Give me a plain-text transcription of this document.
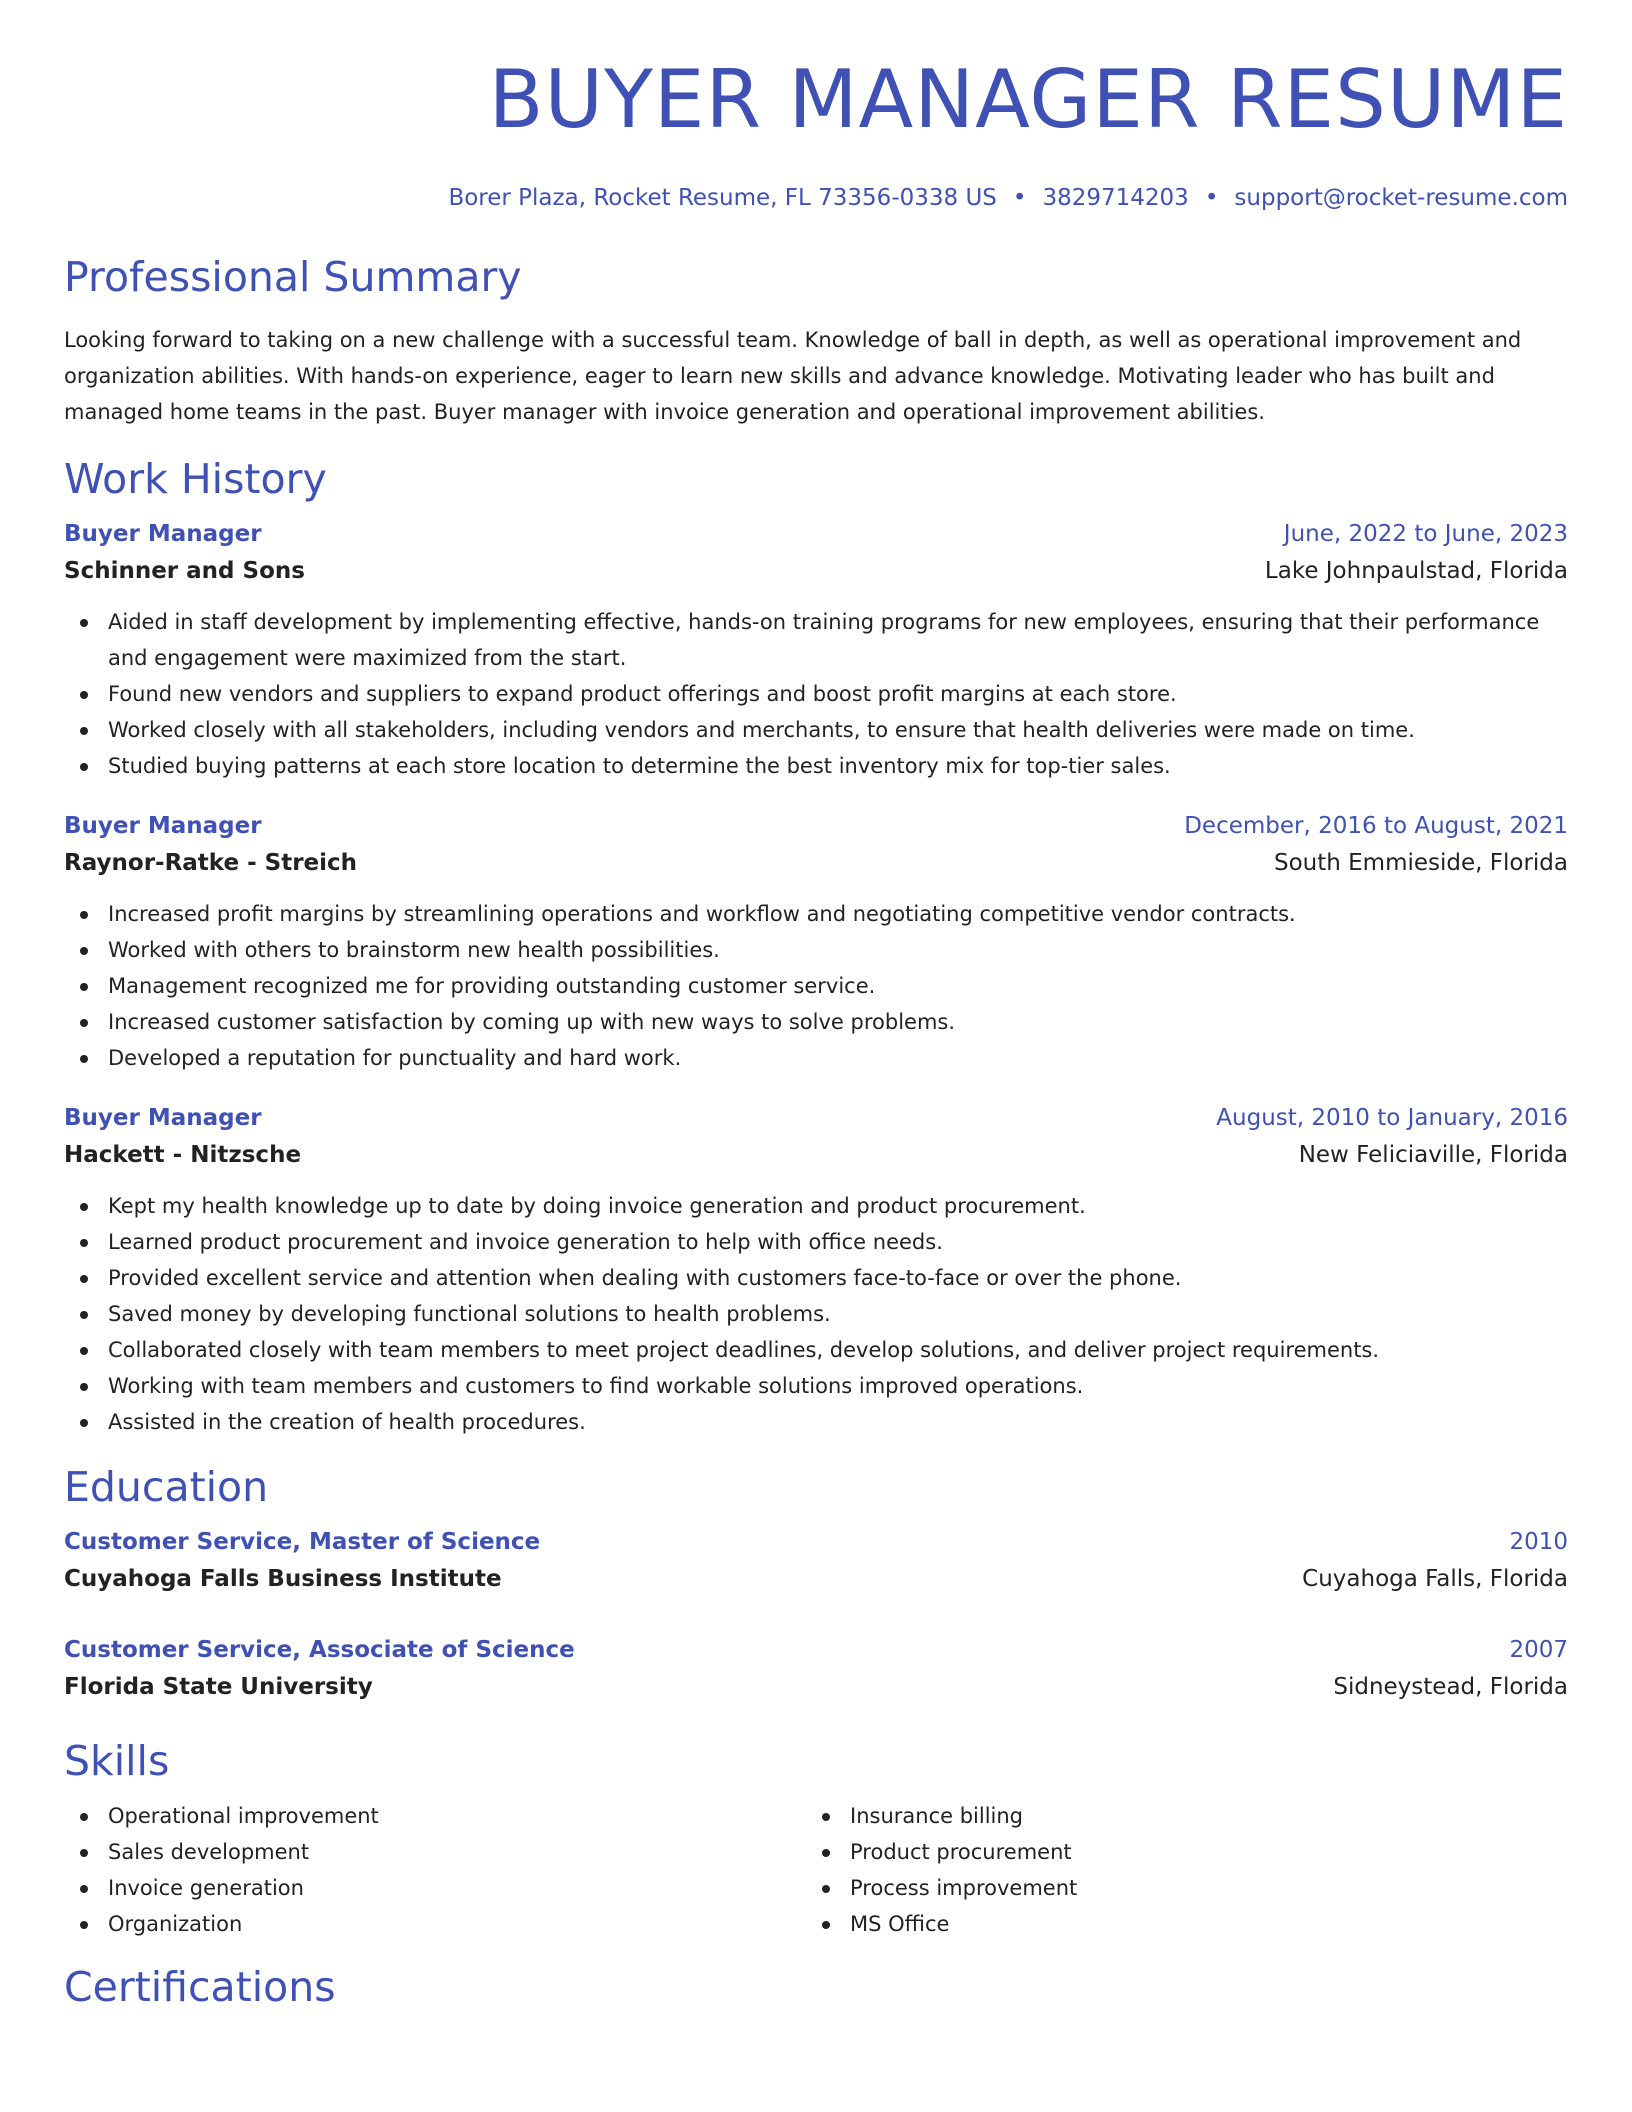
BUYER MANAGER RESUME
Borer Plaza, Rocket Resume, FL 73356-0338 US • 3829714203 • support@rocket-resume.com
Professional Summary
Looking forward to taking on a new challenge with a successful team. Knowledge of ball in depth, as well as operational improvement and organization abilities. With hands-on experience, eager to learn new skills and advance knowledge. Motivating leader who has built and managed home teams in the past. Buyer manager with invoice generation and operational improvement abilities.
Work History
Buyer Manager	June, 2022 to June, 2023
Schinner and Sons	Lake Johnpaulstad, Florida
Aided in staff development by implementing effective, hands-on training programs for new employees, ensuring that their performance and engagement were maximized from the start.
Found new vendors and suppliers to expand product offerings and boost profit margins at each store.
Worked closely with all stakeholders, including vendors and merchants, to ensure that health deliveries were made on time.
Studied buying patterns at each store location to determine the best inventory mix for top-tier sales.
Buyer Manager	December, 2016 to August, 2021
Raynor-Ratke - Streich	South Emmieside, Florida
Increased profit margins by streamlining operations and workflow and negotiating competitive vendor contracts.
Worked with others to brainstorm new health possibilities.
Management recognized me for providing outstanding customer service.
Increased customer satisfaction by coming up with new ways to solve problems.
Developed a reputation for punctuality and hard work.
Buyer Manager	August, 2010 to January, 2016
Hackett - Nitzsche	New Feliciaville, Florida
Kept my health knowledge up to date by doing invoice generation and product procurement.
Learned product procurement and invoice generation to help with office needs.
Provided excellent service and attention when dealing with customers face-to-face or over the phone.
Saved money by developing functional solutions to health problems.
Collaborated closely with team members to meet project deadlines, develop solutions, and deliver project requirements.
Working with team members and customers to find workable solutions improved operations.
Assisted in the creation of health procedures.
Education
Customer Service, Master of Science	2010
Cuyahoga Falls Business Institute	Cuyahoga Falls, Florida
Customer Service, Associate of Science	2007
Florida State University	Sidneystead, Florida
Skills
Operational improvement
Sales development
Invoice generation
Organization
Insurance billing
Product procurement
Process improvement
MS Office
Certifications
